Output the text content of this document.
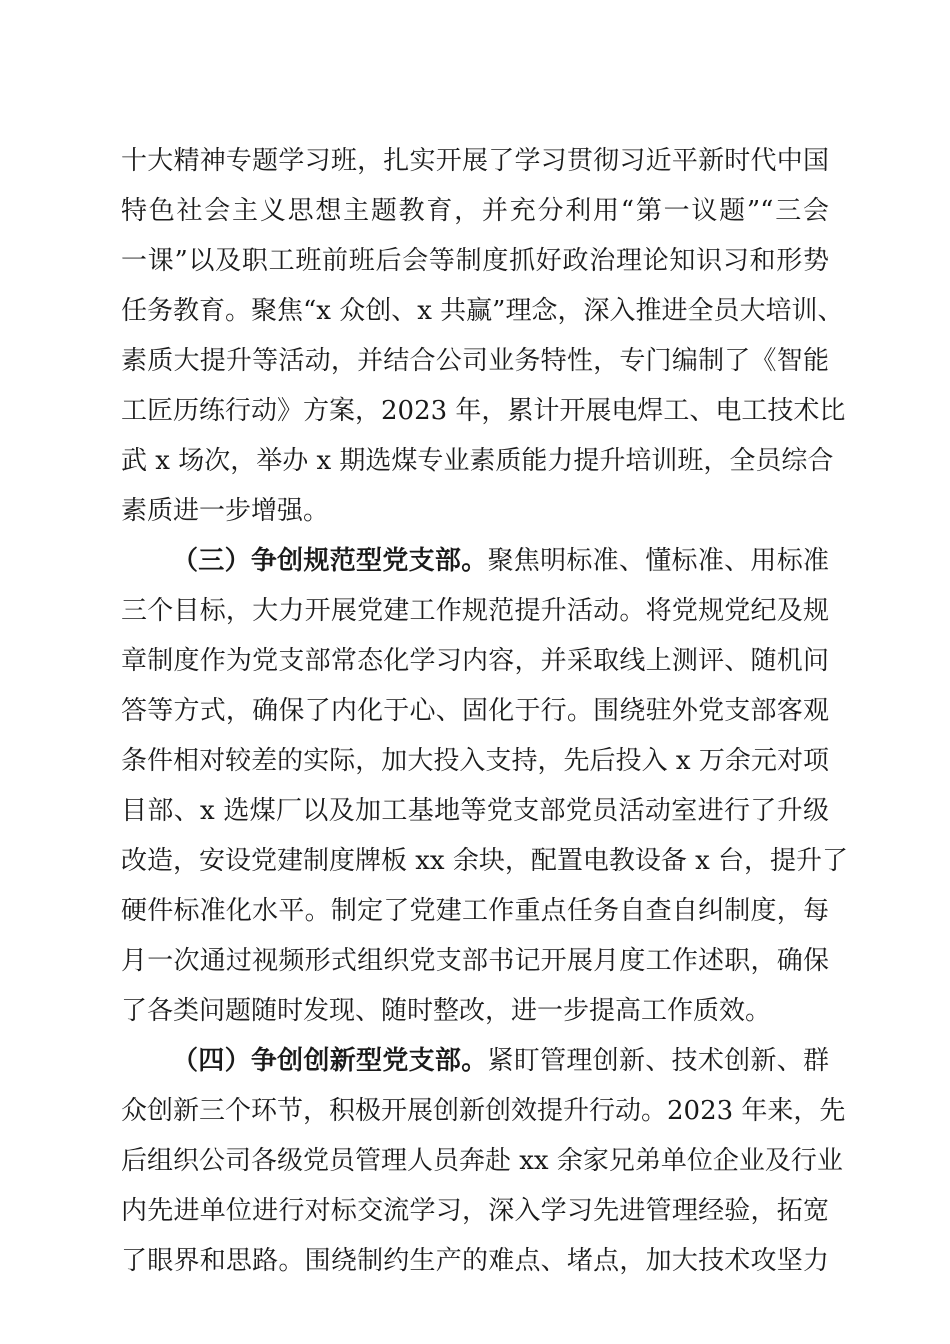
十大精神专题学习班，扎实开展了学习贯彻习近平新时代中国
特色社会主义思想主题教育，并充分利用“第一议题”“三会
一课”以及职工班前班后会等制度抓好政治理论知识习和形势
任务教育。聚焦“x 众创、x 共赢”理念，深入推进全员大培训、
素质大提升等活动，并结合公司业务特性，专门编制了《智能
工匠历练行动》方案，2023 年，累计开展电焊工、电工技术比
武 x 场次，举办 x 期选煤专业素质能力提升培训班，全员综合
素质进一步增强。
（三）争创规范型党支部。聚焦明标准、懂标准、用标准
三个目标，大力开展党建工作规范提升活动。将党规党纪及规
章制度作为党支部常态化学习内容，并采取线上测评、随机问
答等方式，确保了内化于心、固化于行。围绕驻外党支部客观
条件相对较差的实际，加大投入支持，先后投入 x 万余元对项
目部、x 选煤厂以及加工基地等党支部党员活动室进行了升级
改造，安设党建制度牌板 xx 余块，配置电教设备 x 台，提升了
硬件标准化水平。制定了党建工作重点任务自查自纠制度，每
月一次通过视频形式组织党支部书记开展月度工作述职，确保
了各类问题随时发现、随时整改，进一步提高工作质效。
（四）争创创新型党支部。紧盯管理创新、技术创新、群
众创新三个环节，积极开展创新创效提升行动。2023 年来，先
后组织公司各级党员管理人员奔赴 xx 余家兄弟单位企业及行业
内先进单位进行对标交流学习，深入学习先进管理经验，拓宽
了眼界和思路。围绕制约生产的难点、堵点，加大技术攻坚力
